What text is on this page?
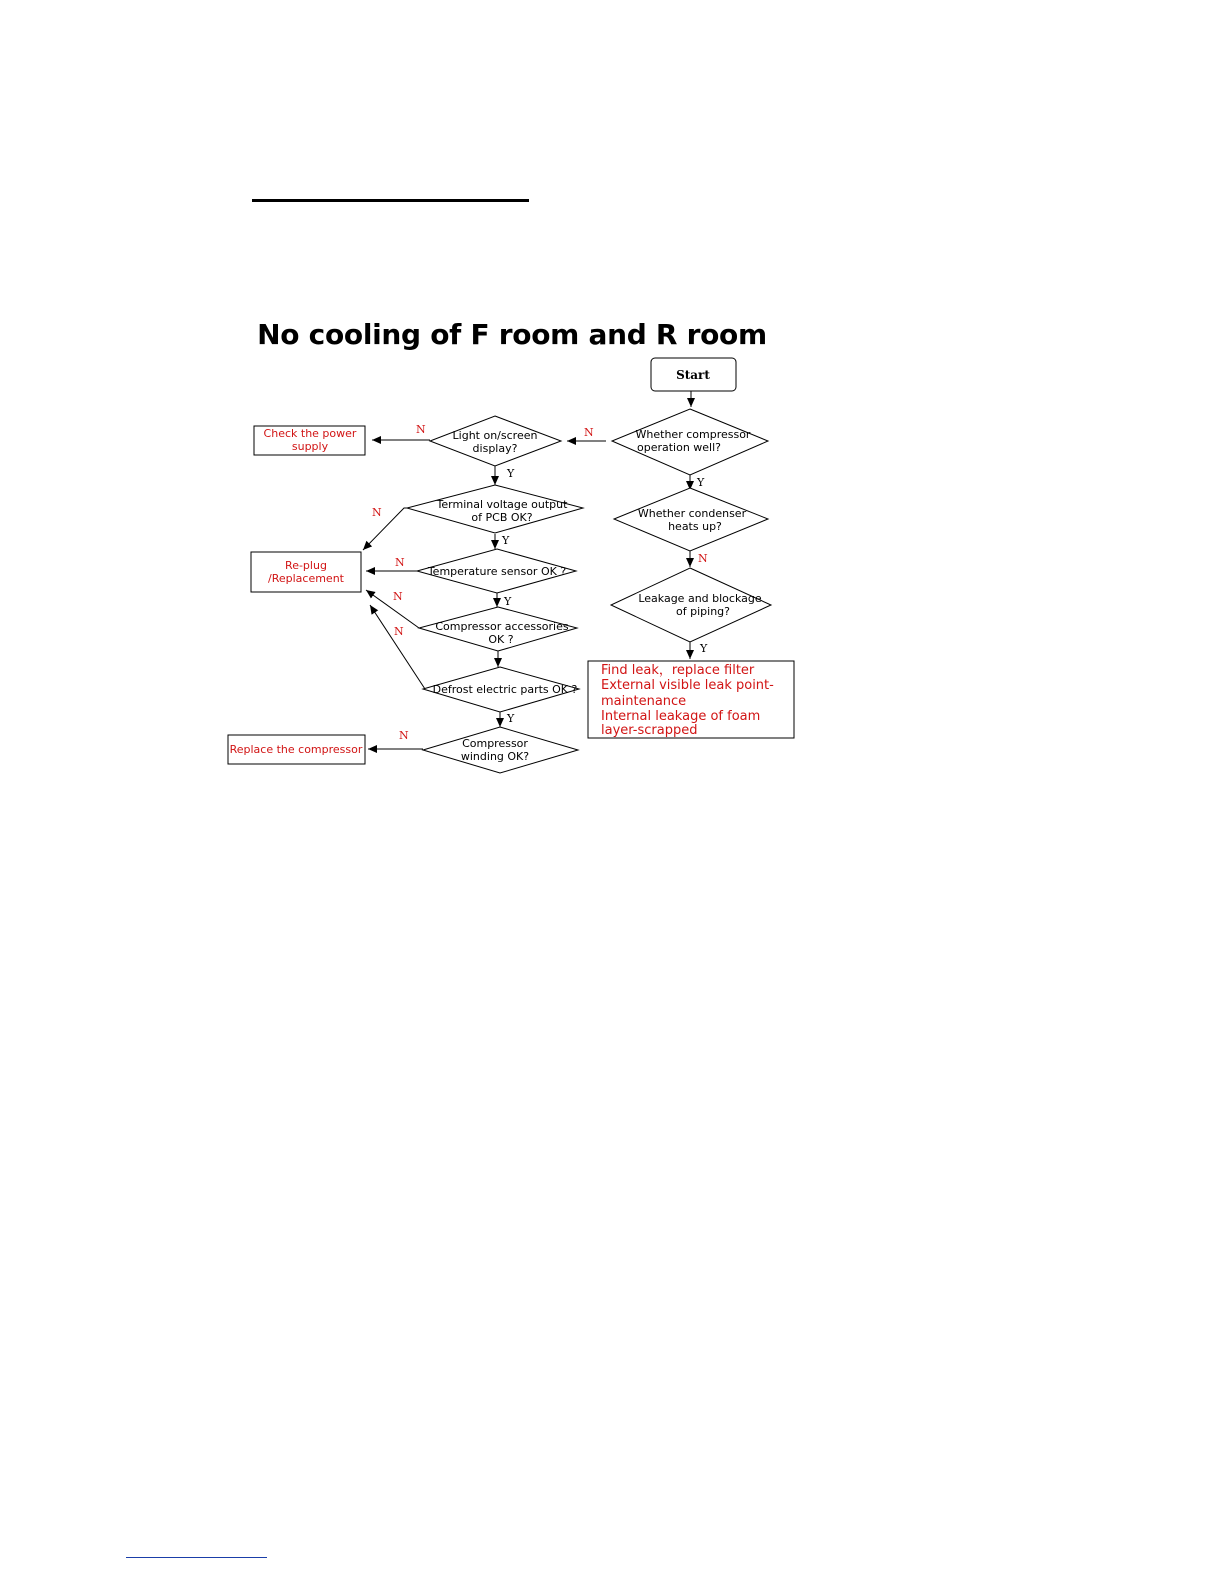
No cooling of F room and R room
Start
Whether compressor
operation well?
Whether condenser
heats up?
Leakage and blockage
of piping?
Find leak，replace filter
External visible leak point-
maintenance
Internal leakage of foam
layer-scrapped
Light on/screen
display?
Terminal voltage output
of PCB OK?
Temperature sensor OK ?
Compressor accessories
OK ?
Defrost electric parts OK ?
Compressor
winding OK?
Check the power
supply
Re-plug
/Replacement
Replace the compressor
N
N
Y
N
Y
Y
Y
Y
Y
N
N
N
N
N
